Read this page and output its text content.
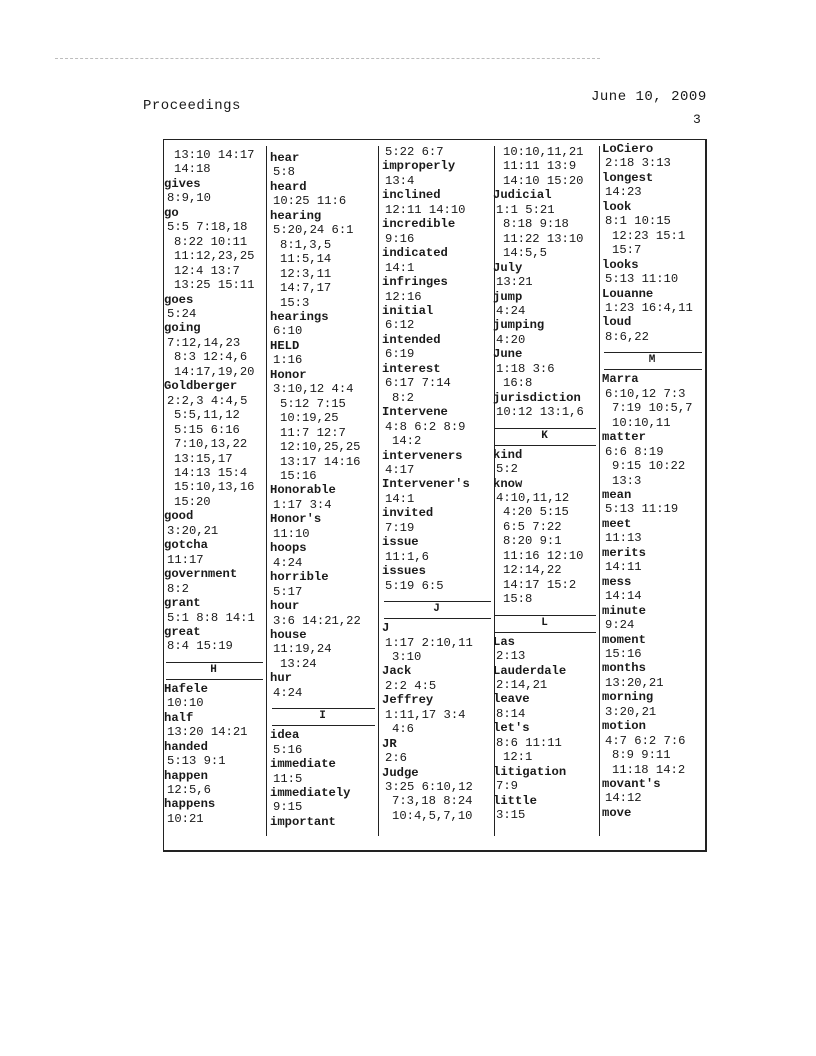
Proceedings
June 10, 2009
3
13:10 14:17
14:18
gives
8:9,10
go
5:5 7:18,18
8:22 10:11
11:12,23,25
12:4 13:7
13:25 15:11
goes
5:24
going
7:12,14,23
8:3 12:4,6
14:17,19,20
Goldberger
2:2,3 4:4,5
5:5,11,12
5:15 6:16
7:10,13,22
13:15,17
14:13 15:4
15:10,13,16
15:20
good
3:20,21
gotcha
11:17
government
8:2
grant
5:1 8:8 14:1
great
8:4 15:19
H
Hafele
10:10
half
13:20 14:21
handed
5:13 9:1
happen
12:5,6
happens
10:21
hear
5:8
heard
10:25 11:6
hearing
5:20,24 6:1
8:1,3,5
11:5,14
12:3,11
14:7,17
15:3
hearings
6:10
HELD
1:16
Honor
3:10,12 4:4
5:12 7:15
10:19,25
11:7 12:7
12:10,25,25
13:17 14:16
15:16
Honorable
1:17 3:4
Honor's
11:10
hoops
4:24
horrible
5:17
hour
3:6 14:21,22
house
11:19,24
13:24
hur
4:24
I
idea
5:16
immediate
11:5
immediately
9:15
important
5:22 6:7
improperly
13:4
inclined
12:11 14:10
incredible
9:16
indicated
14:1
infringes
12:16
initial
6:12
intended
6:19
interest
6:17 7:14
8:2
Intervene
4:8 6:2 8:9
14:2
interveners
4:17
Intervener's
14:1
invited
7:19
issue
11:1,6
issues
5:19 6:5
J
J
1:17 2:10,11
3:10
Jack
2:2 4:5
Jeffrey
1:11,17 3:4
4:6
JR
2:6
Judge
3:25 6:10,12
7:3,18 8:24
10:4,5,7,10
10:10,11,21
11:11 13:9
14:10 15:20
Judicial
1:1 5:21
8:18 9:18
11:22 13:10
14:5,5
July
13:21
jump
4:24
jumping
4:20
June
1:18 3:6
16:8
jurisdiction
10:12 13:1,6
K
kind
5:2
know
4:10,11,12
4:20 5:15
6:5 7:22
8:20 9:1
11:16 12:10
12:14,22
14:17 15:2
15:8
L
Las
2:13
Lauderdale
2:14,21
leave
8:14
let's
8:6 11:11
12:1
litigation
7:9
little
3:15
LoCiero
2:18 3:13
longest
14:23
look
8:1 10:15
12:23 15:1
15:7
looks
5:13 11:10
Louanne
1:23 16:4,11
loud
8:6,22
M
Marra
6:10,12 7:3
7:19 10:5,7
10:10,11
matter
6:6 8:19
9:15 10:22
13:3
mean
5:13 11:19
meet
11:13
merits
14:11
mess
14:14
minute
9:24
moment
15:16
months
13:20,21
morning
3:20,21
motion
4:7 6:2 7:6
8:9 9:11
11:18 14:2
movant's
14:12
move
